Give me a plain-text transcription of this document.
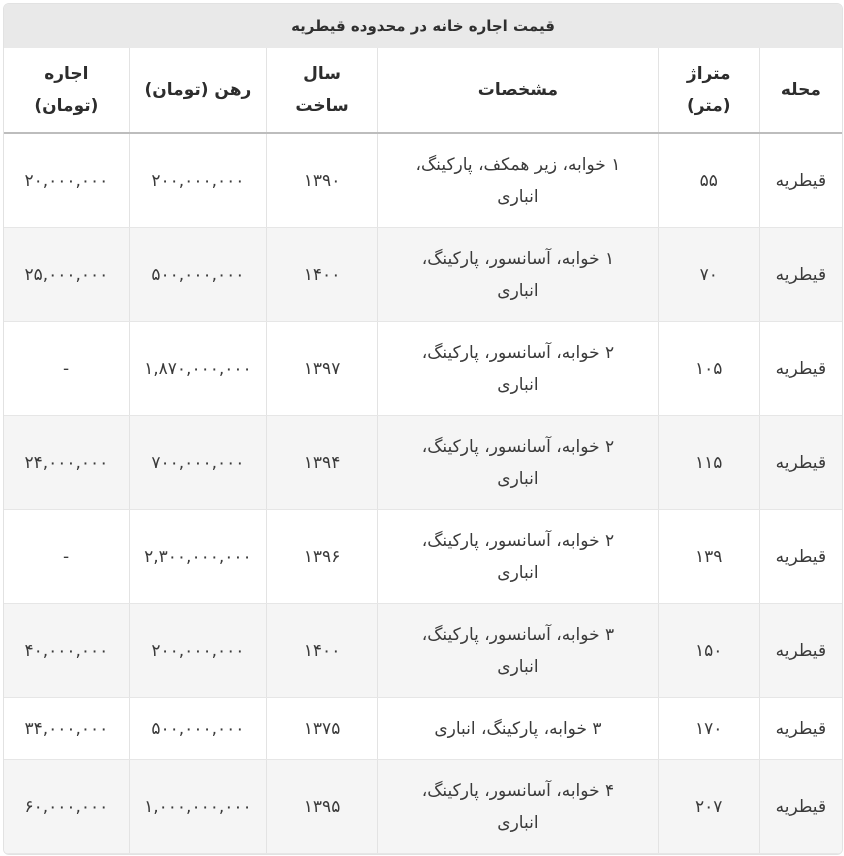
قیمت اجاره خانه در محدوده قیطریه
محله	متراژ (متر)	مشخصات	سال ساخت	رهن (تومان)	اجاره (تومان)
قیطریه	۵۵	۱ خوابه، زیر همکف، پارکینگ، انباری	۱۳۹۰	۲۰۰,۰۰۰,۰۰۰	۲۰,۰۰۰,۰۰۰
قیطریه	۷۰	۱ خوابه، آسانسور، پارکینگ، انباری	۱۴۰۰	۵۰۰,۰۰۰,۰۰۰	۲۵,۰۰۰,۰۰۰
قیطریه	۱۰۵	۲ خوابه، آسانسور، پارکینگ، انباری	۱۳۹۷	۱,۸۷۰,۰۰۰,۰۰۰	-
قیطریه	۱۱۵	۲ خوابه، آسانسور، پارکینگ، انباری	۱۳۹۴	۷۰۰,۰۰۰,۰۰۰	۲۴,۰۰۰,۰۰۰
قیطریه	۱۳۹	۲ خوابه، آسانسور، پارکینگ، انباری	۱۳۹۶	۲,۳۰۰,۰۰۰,۰۰۰	-
قیطریه	۱۵۰	۳ خوابه، آسانسور، پارکینگ، انباری	۱۴۰۰	۲۰۰,۰۰۰,۰۰۰	۴۰,۰۰۰,۰۰۰
قیطریه	۱۷۰	۳ خوابه، پارکینگ، انباری	۱۳۷۵	۵۰۰,۰۰۰,۰۰۰	۳۴,۰۰۰,۰۰۰
قیطریه	۲۰۷	۴ خوابه، آسانسور، پارکینگ، انباری	۱۳۹۵	۱,۰۰۰,۰۰۰,۰۰۰	۶۰,۰۰۰,۰۰۰
